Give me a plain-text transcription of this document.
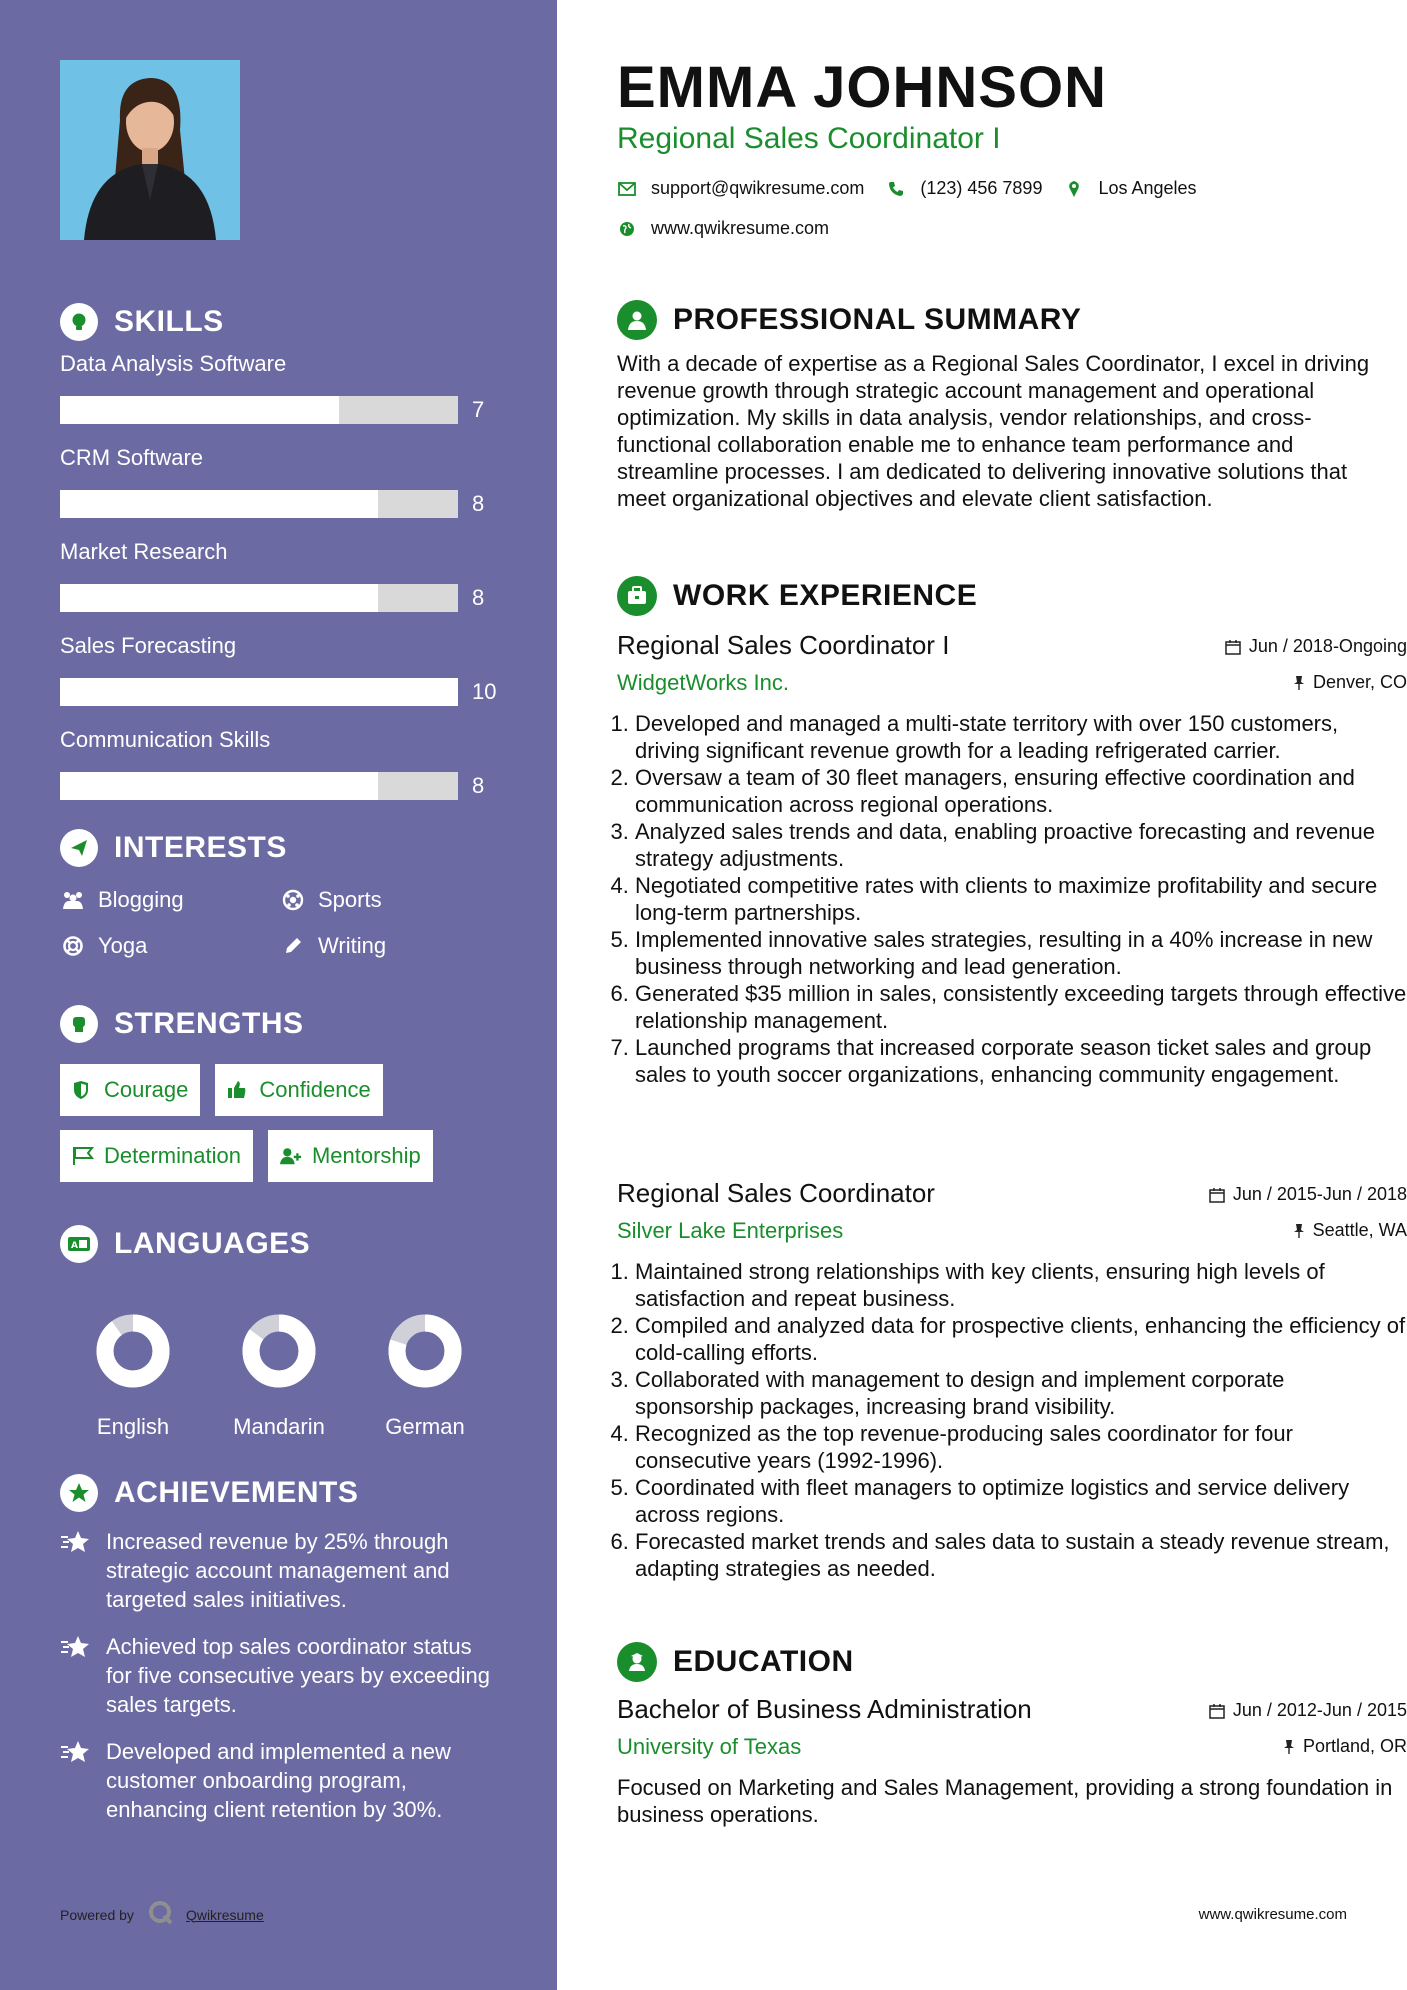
SKILLS
Data Analysis Software
7
CRM Software
8
Market Research
8
Sales Forecasting
10
Communication Skills
8
INTERESTS
Blogging	Sports
Yoga	Writing
STRENGTHS
Courage	Confidence
Determination	Mentorship
A LANGUAGES
English	Mandarin	German
ACHIEVEMENTS
Increased revenue by 25% through strategic account management and targeted sales initiatives.
Achieved top sales coordinator status for five consecutive years by exceeding sales targets.
Developed and implemented a new customer onboarding program, enhancing client retention by 30%.
Powered by	Qwikresume
EMMA JOHNSON
Regional Sales Coordinator I
support@qwikresume.com	(123) 456 7899	Los Angeles
www.qwikresume.com
PROFESSIONAL SUMMARY
With a decade of expertise as a Regional Sales Coordinator, I excel in driving revenue growth through strategic account management and operational optimization. My skills in data analysis, vendor relationships, and cross-functional collaboration enable me to enhance team performance and streamline processes. I am dedicated to delivering innovative solutions that meet organizational objectives and elevate client satisfaction.
WORK EXPERIENCE
Regional Sales Coordinator I	Jun / 2018-Ongoing
WidgetWorks Inc.	Denver, CO
1. Developed and managed a multi-state territory with over 150 customers, driving significant revenue growth for a leading refrigerated carrier.
2. Oversaw a team of 30 fleet managers, ensuring effective coordination and communication across regional operations.
3. Analyzed sales trends and data, enabling proactive forecasting and revenue strategy adjustments.
4. Negotiated competitive rates with clients to maximize profitability and secure long-term partnerships.
5. Implemented innovative sales strategies, resulting in a 40% increase in new business through networking and lead generation.
6. Generated $35 million in sales, consistently exceeding targets through effective relationship management.
7. Launched programs that increased corporate season ticket sales and group sales to youth soccer organizations, enhancing community engagement.
Regional Sales Coordinator	Jun / 2015-Jun / 2018
Silver Lake Enterprises	Seattle, WA
1. Maintained strong relationships with key clients, ensuring high levels of satisfaction and repeat business.
2. Compiled and analyzed data for prospective clients, enhancing the efficiency of cold-calling efforts.
3. Collaborated with management to design and implement corporate sponsorship packages, increasing brand visibility.
4. Recognized as the top revenue-producing sales coordinator for four consecutive years (1992-1996).
5. Coordinated with fleet managers to optimize logistics and service delivery across regions.
6. Forecasted market trends and sales data to sustain a steady revenue stream, adapting strategies as needed.
EDUCATION
Bachelor of Business Administration	Jun / 2012-Jun / 2015
University of Texas	Portland, OR
Focused on Marketing and Sales Management, providing a strong foundation in business operations.
www.qwikresume.com
